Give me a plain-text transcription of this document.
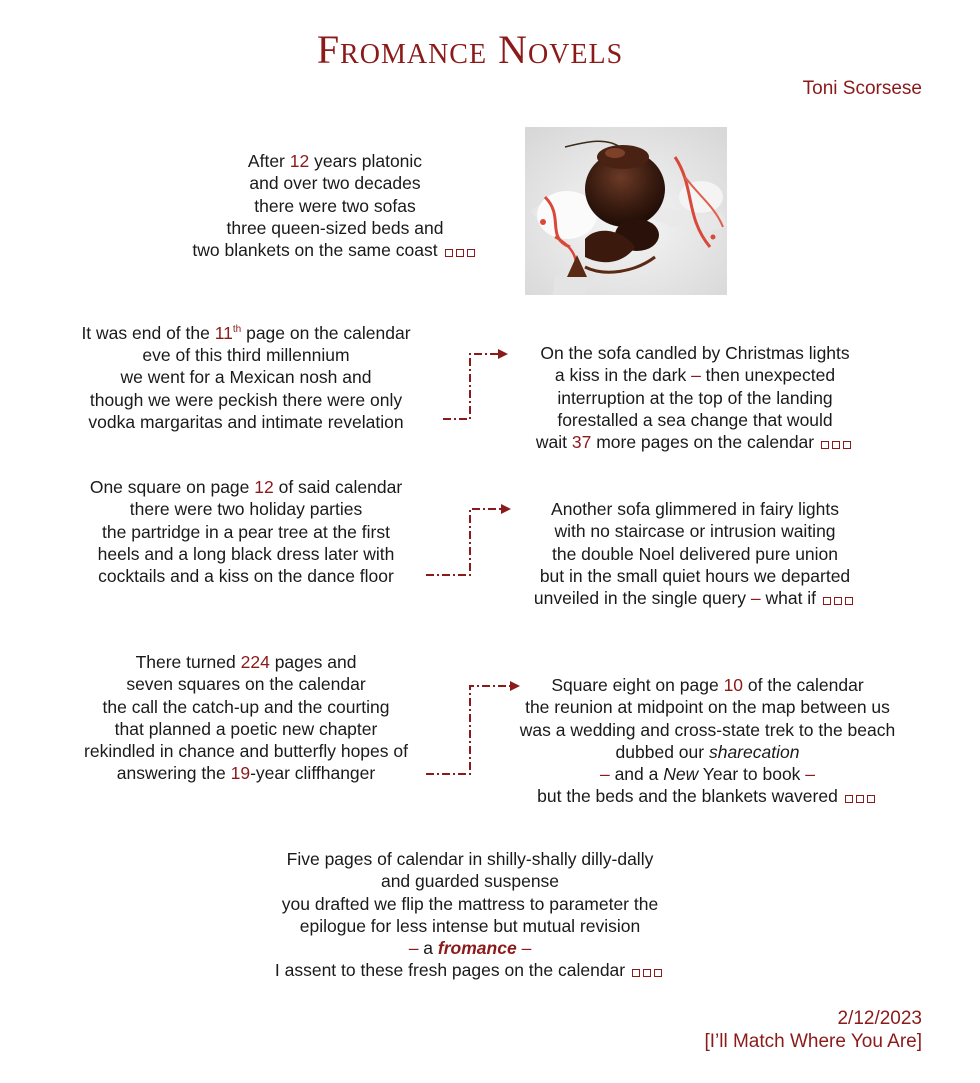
Fromance Novels
Toni Scorsese
After 12 years platonic
and over two decades
there were two sofas
three queen-sized beds and
two blankets on the same coast
It was end of the 11th page on the calendar
eve of this third millennium
we went for a Mexican nosh and
though we were peckish there were only
vodka margaritas and intimate revelation
On the sofa candled by Christmas lights
a kiss in the dark – then unexpected
interruption at the top of the landing
forestalled a sea change that would
wait 37 more pages on the calendar
One square on page 12 of said calendar
there were two holiday parties
the partridge in a pear tree at the first
heels and a long black dress later with
cocktails and a kiss on the dance floor
Another sofa glimmered in fairy lights
with no staircase or intrusion waiting
the double Noel delivered pure union
but in the small quiet hours we departed
unveiled in the single query – what if
There turned 224 pages and
seven squares on the calendar
the call the catch-up and the courting
that planned a poetic new chapter
rekindled in chance and butterfly hopes of
answering the 19-year cliffhanger
Square eight on page 10 of the calendar
the reunion at midpoint on the map between us
was a wedding and cross-state trek to the beach
dubbed our sharecation
– and a New Year to book –
but the beds and the blankets wavered
Five pages of calendar in shilly-shally dilly-dally
and guarded suspense
you drafted we flip the mattress to parameter the
epilogue for less intense but mutual revision
– a fromance –
I assent to these fresh pages on the calendar
2/12/2023
[I’ll Match Where You Are]
